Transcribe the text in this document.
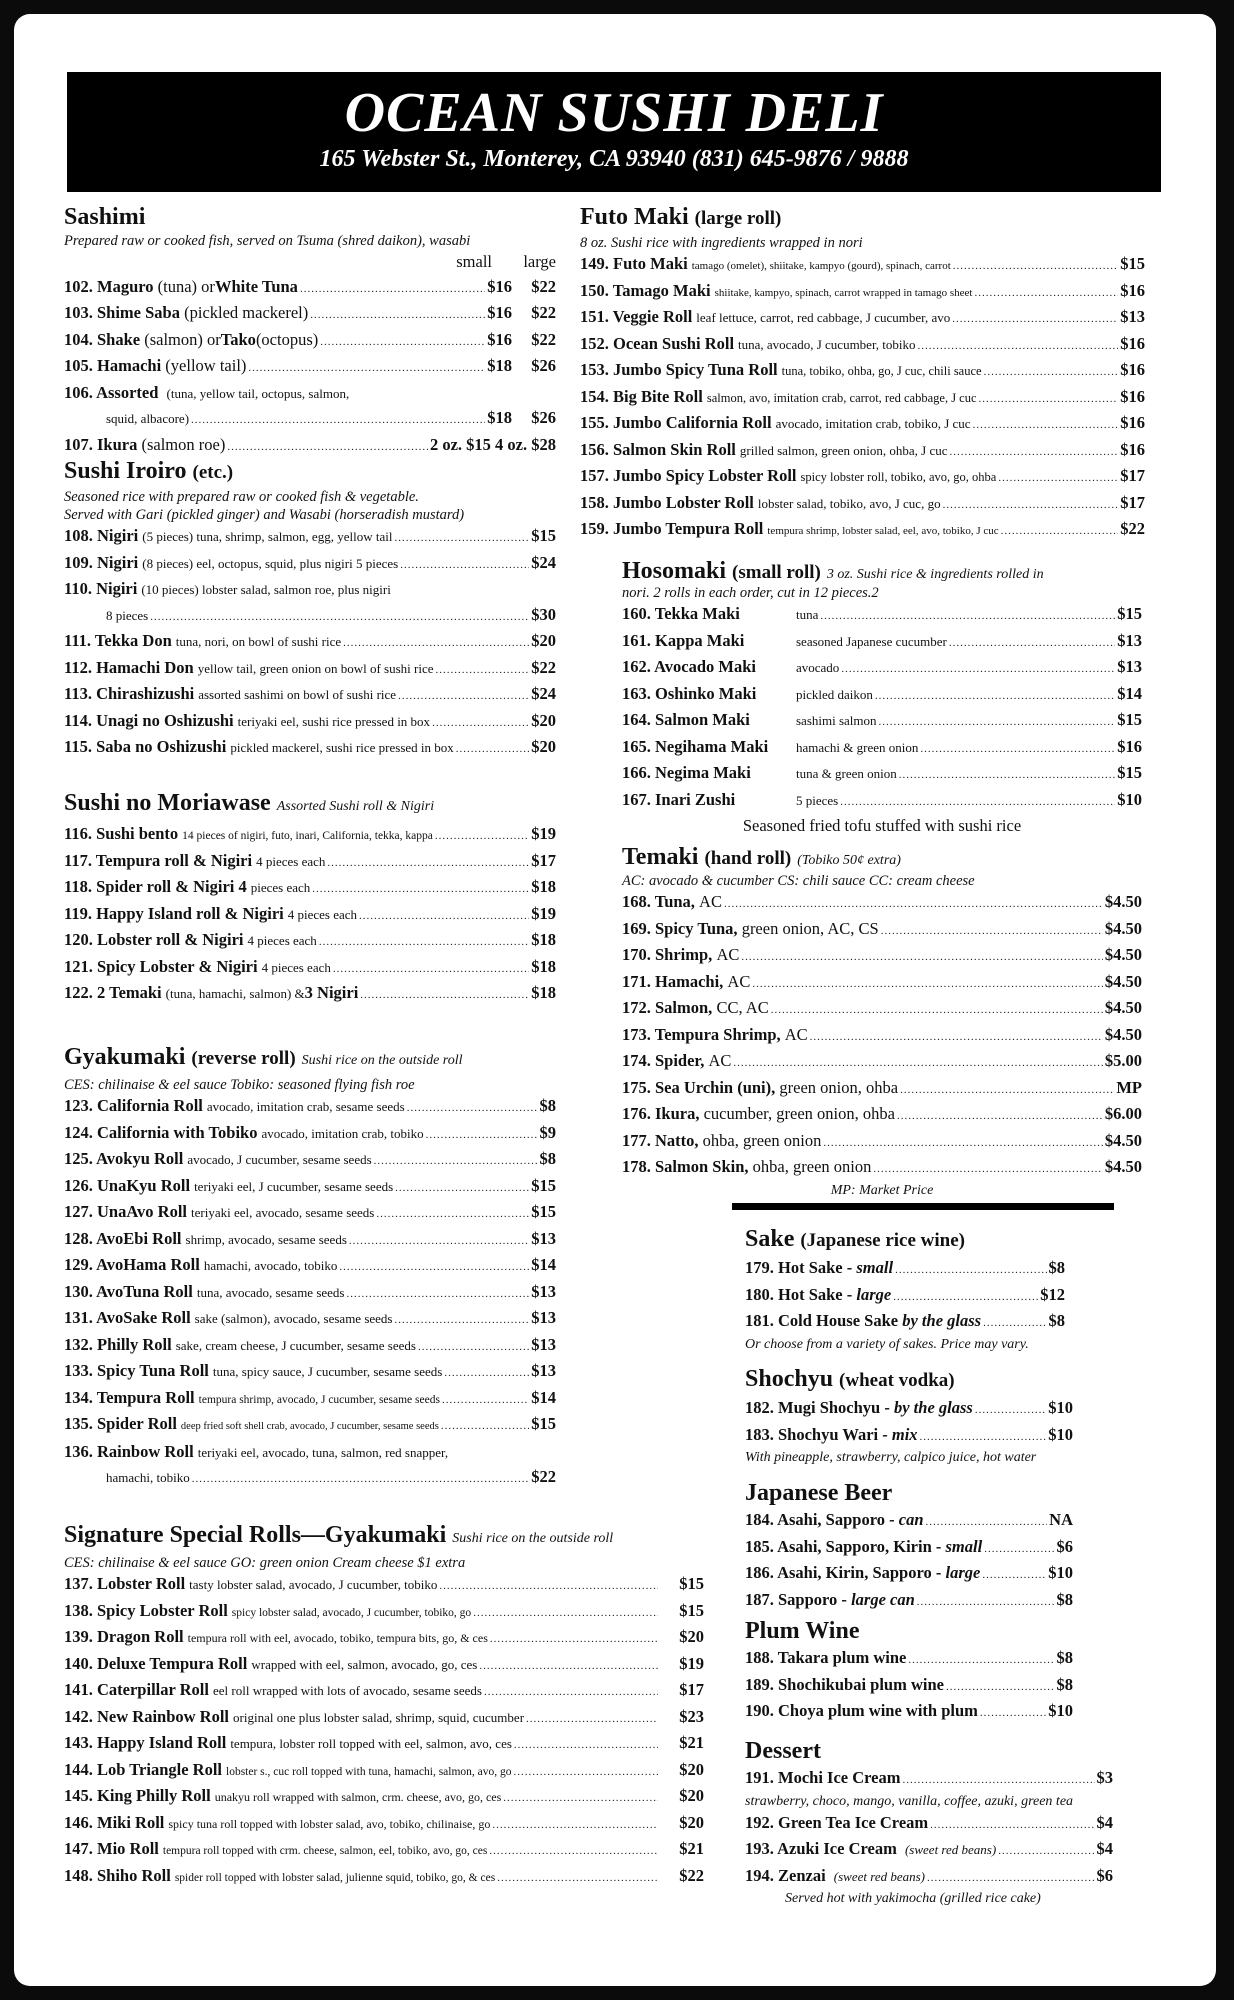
OCEAN SUSHI DELI
165 Webster St., Monterey, CA 93940 (831) 645-9876 / 9888
Sashimi
Prepared raw or cooked fish, served on Tsuma (shred daikon), wasabi
small	large
102. Maguro
(tuna) or White Tuna .....	$16	$22
103. Shime Saba
(pickled mackerel) .....	$16	$22
104. Shake
(salmon) or Tako (octopus) .....	$16	$22
105. Hamachi
(yellow tail) .....	$18	$26
106. Assorted
(tuna, yellow tail, octopus, salmon,
squid, albacore) .....	$18	$26
107. Ikura
(salmon roe) .....	2 oz. $15 4 oz. $28
Sushi Iroiro (etc.)
Seasoned rice with prepared raw or cooked fish & vegetable.
Served with Gari (pickled ginger) and Wasabi (horseradish mustard)
108. Nigiri (5 pieces) tuna, shrimp, salmon, egg, yellow tail .....	$15
109. Nigiri (8 pieces) eel, octopus, squid, plus nigiri 5 pieces .....	$24
110. Nigiri (10 pieces) lobster salad, salmon roe, plus nigiri
8 pieces .....	$30
111. Tekka Don tuna, nori, on bowl of sushi rice .....	$20
112. Hamachi Don yellow tail, green onion on bowl of sushi rice .....	$22
113. Chirashizushi assorted sashimi on bowl of sushi rice .....	$24
114. Unagi no Oshizushi teriyaki eel, sushi rice pressed in box .....	$20
115. Saba no Oshizushi pickled mackerel, sushi rice pressed in box .....	$20
Sushi no Moriawase Assorted Sushi roll & Nigiri
116. Sushi bento 14 pieces of nigiri, futo, inari, California, tekka, kappa .....	$19
117. Tempura roll & Nigiri 4 pieces each .....	$17
118. Spider roll & Nigiri 4 pieces each .....	$18
119. Happy Island roll & Nigiri 4 pieces each .....	$19
120. Lobster roll & Nigiri 4 pieces each .....	$18
121. Spicy Lobster & Nigiri 4 pieces each .....	$18
122. 2 Temaki (tuna, hamachi, salmon) & 3 Nigiri .....	$18
Gyakumaki (reverse roll) Sushi rice on the outside roll
CES: chilinaise & eel sauce Tobiko: seasoned flying fish roe
123. California Roll avocado, imitation crab, sesame seeds .....	$8
124. California with Tobiko avocado, imitation crab, tobiko .....	$9
125. Avokyu Roll avocado, J cucumber, sesame seeds .....	$8
126. UnaKyu Roll teriyaki eel, J cucumber, sesame seeds .....	$15
127. UnaAvo Roll teriyaki eel, avocado, sesame seeds .....	$15
128. AvoEbi Roll shrimp, avocado, sesame seeds .....	$13
129. AvoHama Roll hamachi, avocado, tobiko .....	$14
130. AvoTuna Roll tuna, avocado, sesame seeds .....	$13
131. AvoSake Roll sake (salmon), avocado, sesame seeds .....	$13
132. Philly Roll sake, cream cheese, J cucumber, sesame seeds .....	$13
133. Spicy Tuna Roll tuna, spicy sauce, J cucumber, sesame seeds .....	$13
134. Tempura Roll tempura shrimp, avocado, J cucumber, sesame seeds .....	$14
135. Spider Roll deep fried soft shell crab, avocado, J cucumber, sesame seeds .....	$15
136. Rainbow Roll teriyaki eel, avocado, tuna, salmon, red snapper,
hamachi, tobiko .....	$22
Signature Special Rolls—Gyakumaki Sushi rice on the outside roll
CES: chilinaise & eel sauce GO: green onion Cream cheese $1 extra
137. Lobster Roll tasty lobster salad, avocado, J cucumber, tobiko .....	$15
138. Spicy Lobster Roll spicy lobster salad, avocado, J cucumber, tobiko, go .....	$15
139. Dragon Roll tempura roll with eel, avocado, tobiko, tempura bits, go, & ces .....	$20
140. Deluxe Tempura Roll wrapped with eel, salmon, avocado, go, ces .....	$19
141. Caterpillar Roll eel roll wrapped with lots of avocado, sesame seeds .....	$17
142. New Rainbow Roll original one plus lobster salad, shrimp, squid, cucumber .....	$23
143. Happy Island Roll tempura, lobster roll topped with eel, salmon, avo, ces .....	$21
144. Lob Triangle Roll lobster s., cuc roll topped with tuna, hamachi, salmon, avo, go .....	$20
145. King Philly Roll unakyu roll wrapped with salmon, crm. cheese, avo, go, ces .....	$20
146. Miki Roll spicy tuna roll topped with lobster salad, avo, tobiko, chilinaise, go .....	$20
147. Mio Roll tempura roll topped with crm. cheese, salmon, eel, tobiko, avo, go, ces .....	$21
148. Shiho Roll spider roll topped with lobster salad, julienne squid, tobiko, go, & ces .....	$22
Futo Maki (large roll)
8 oz. Sushi rice with ingredients wrapped in nori
149. Futo Maki tamago (omelet), shiitake, kampyo (gourd), spinach, carrot .....	$15
150. Tamago Maki shiitake, kampyo, spinach, carrot wrapped in tamago sheet .....	$16
151. Veggie Roll leaf lettuce, carrot, red cabbage, J cucumber, avo .....	$13
152. Ocean Sushi Roll tuna, avocado, J cucumber, tobiko .....	$16
153. Jumbo Spicy Tuna Roll tuna, tobiko, ohba, go, J cuc, chili sauce .....	$16
154. Big Bite Roll salmon, avo, imitation crab, carrot, red cabbage, J cuc .....	$16
155. Jumbo California Roll avocado, imitation crab, tobiko, J cuc .....	$16
156. Salmon Skin Roll grilled salmon, green onion, ohba, J cuc .....	$16
157. Jumbo Spicy Lobster Roll spicy lobster roll, tobiko, avo, go, ohba .....	$17
158. Jumbo Lobster Roll lobster salad, tobiko, avo, J cuc, go .....	$17
159. Jumbo Tempura Roll tempura shrimp, lobster salad, eel, avo, tobiko, J cuc .....	$22
Hosomaki (small roll) 3 oz. Sushi rice & ingredients rolled in
nori. 2 rolls in each order, cut in 12 pieces.2
160. Tekka Maki	tuna .....	$15
161. Kappa Maki	seasoned Japanese cucumber .....	$13
162. Avocado Maki	avocado .....	$13
163. Oshinko Maki	pickled daikon .....	$14
164. Salmon Maki	sashimi salmon .....	$15
165. Negihama Maki	hamachi & green onion .....	$16
166. Negima Maki	tuna & green onion .....	$15
167. Inari Zushi	5 pieces .....	$10
Seasoned fried tofu stuffed with sushi rice
Temaki (hand roll) (Tobiko 50¢ extra)
AC: avocado & cucumber CS: chili sauce CC: cream cheese
168. Tuna,
AC .....	$4.50
169. Spicy Tuna,
green onion, AC, CS .....	$4.50
170. Shrimp,
AC .....	$4.50
171. Hamachi,
AC .....	$4.50
172. Salmon,
CC, AC .....	$4.50
173. Tempura Shrimp,
AC .....	$4.50
174. Spider,
AC .....	$5.00
175. Sea Urchin (uni),
green onion, ohba .....	MP
176. Ikura,
cucumber, green onion, ohba .....	$6.00
177. Natto,
ohba, green onion .....	$4.50
178. Salmon Skin,
ohba, green onion .....	$4.50
MP: Market Price
Sake (Japanese rice wine)
179. Hot Sake -
small .....	$8
180. Hot Sake -
large .....	$12
181. Cold House Sake
by the glass .....	$8
Or choose from a variety of sakes. Price may vary.
Shochyu (wheat vodka)
182. Mugi Shochyu -
by the glass .....	$10
183. Shochyu Wari -
mix .....	$10
With pineapple, strawberry, calpico juice, hot water
Japanese Beer
184. Asahi, Sapporo -
can .....	NA
185. Asahi, Sapporo, Kirin -
small .....	$6
186. Asahi, Kirin, Sapporo -
large .....	$10
187. Sapporo -
large can .....	$8
Plum Wine
188. Takara plum wine .....	$8
189. Shochikubai plum wine .....	$8
190. Choya plum wine with plum .....	$10
Dessert
191. Mochi Ice Cream .....	$3
strawberry, choco, mango, vanilla, coffee, azuki, green tea
192. Green Tea Ice Cream .....	$4
193. Azuki Ice Cream
(sweet red beans) .....	$4
194. Zenzai
(sweet red beans) .....	$6
Served hot with yakimocha (grilled rice cake)
